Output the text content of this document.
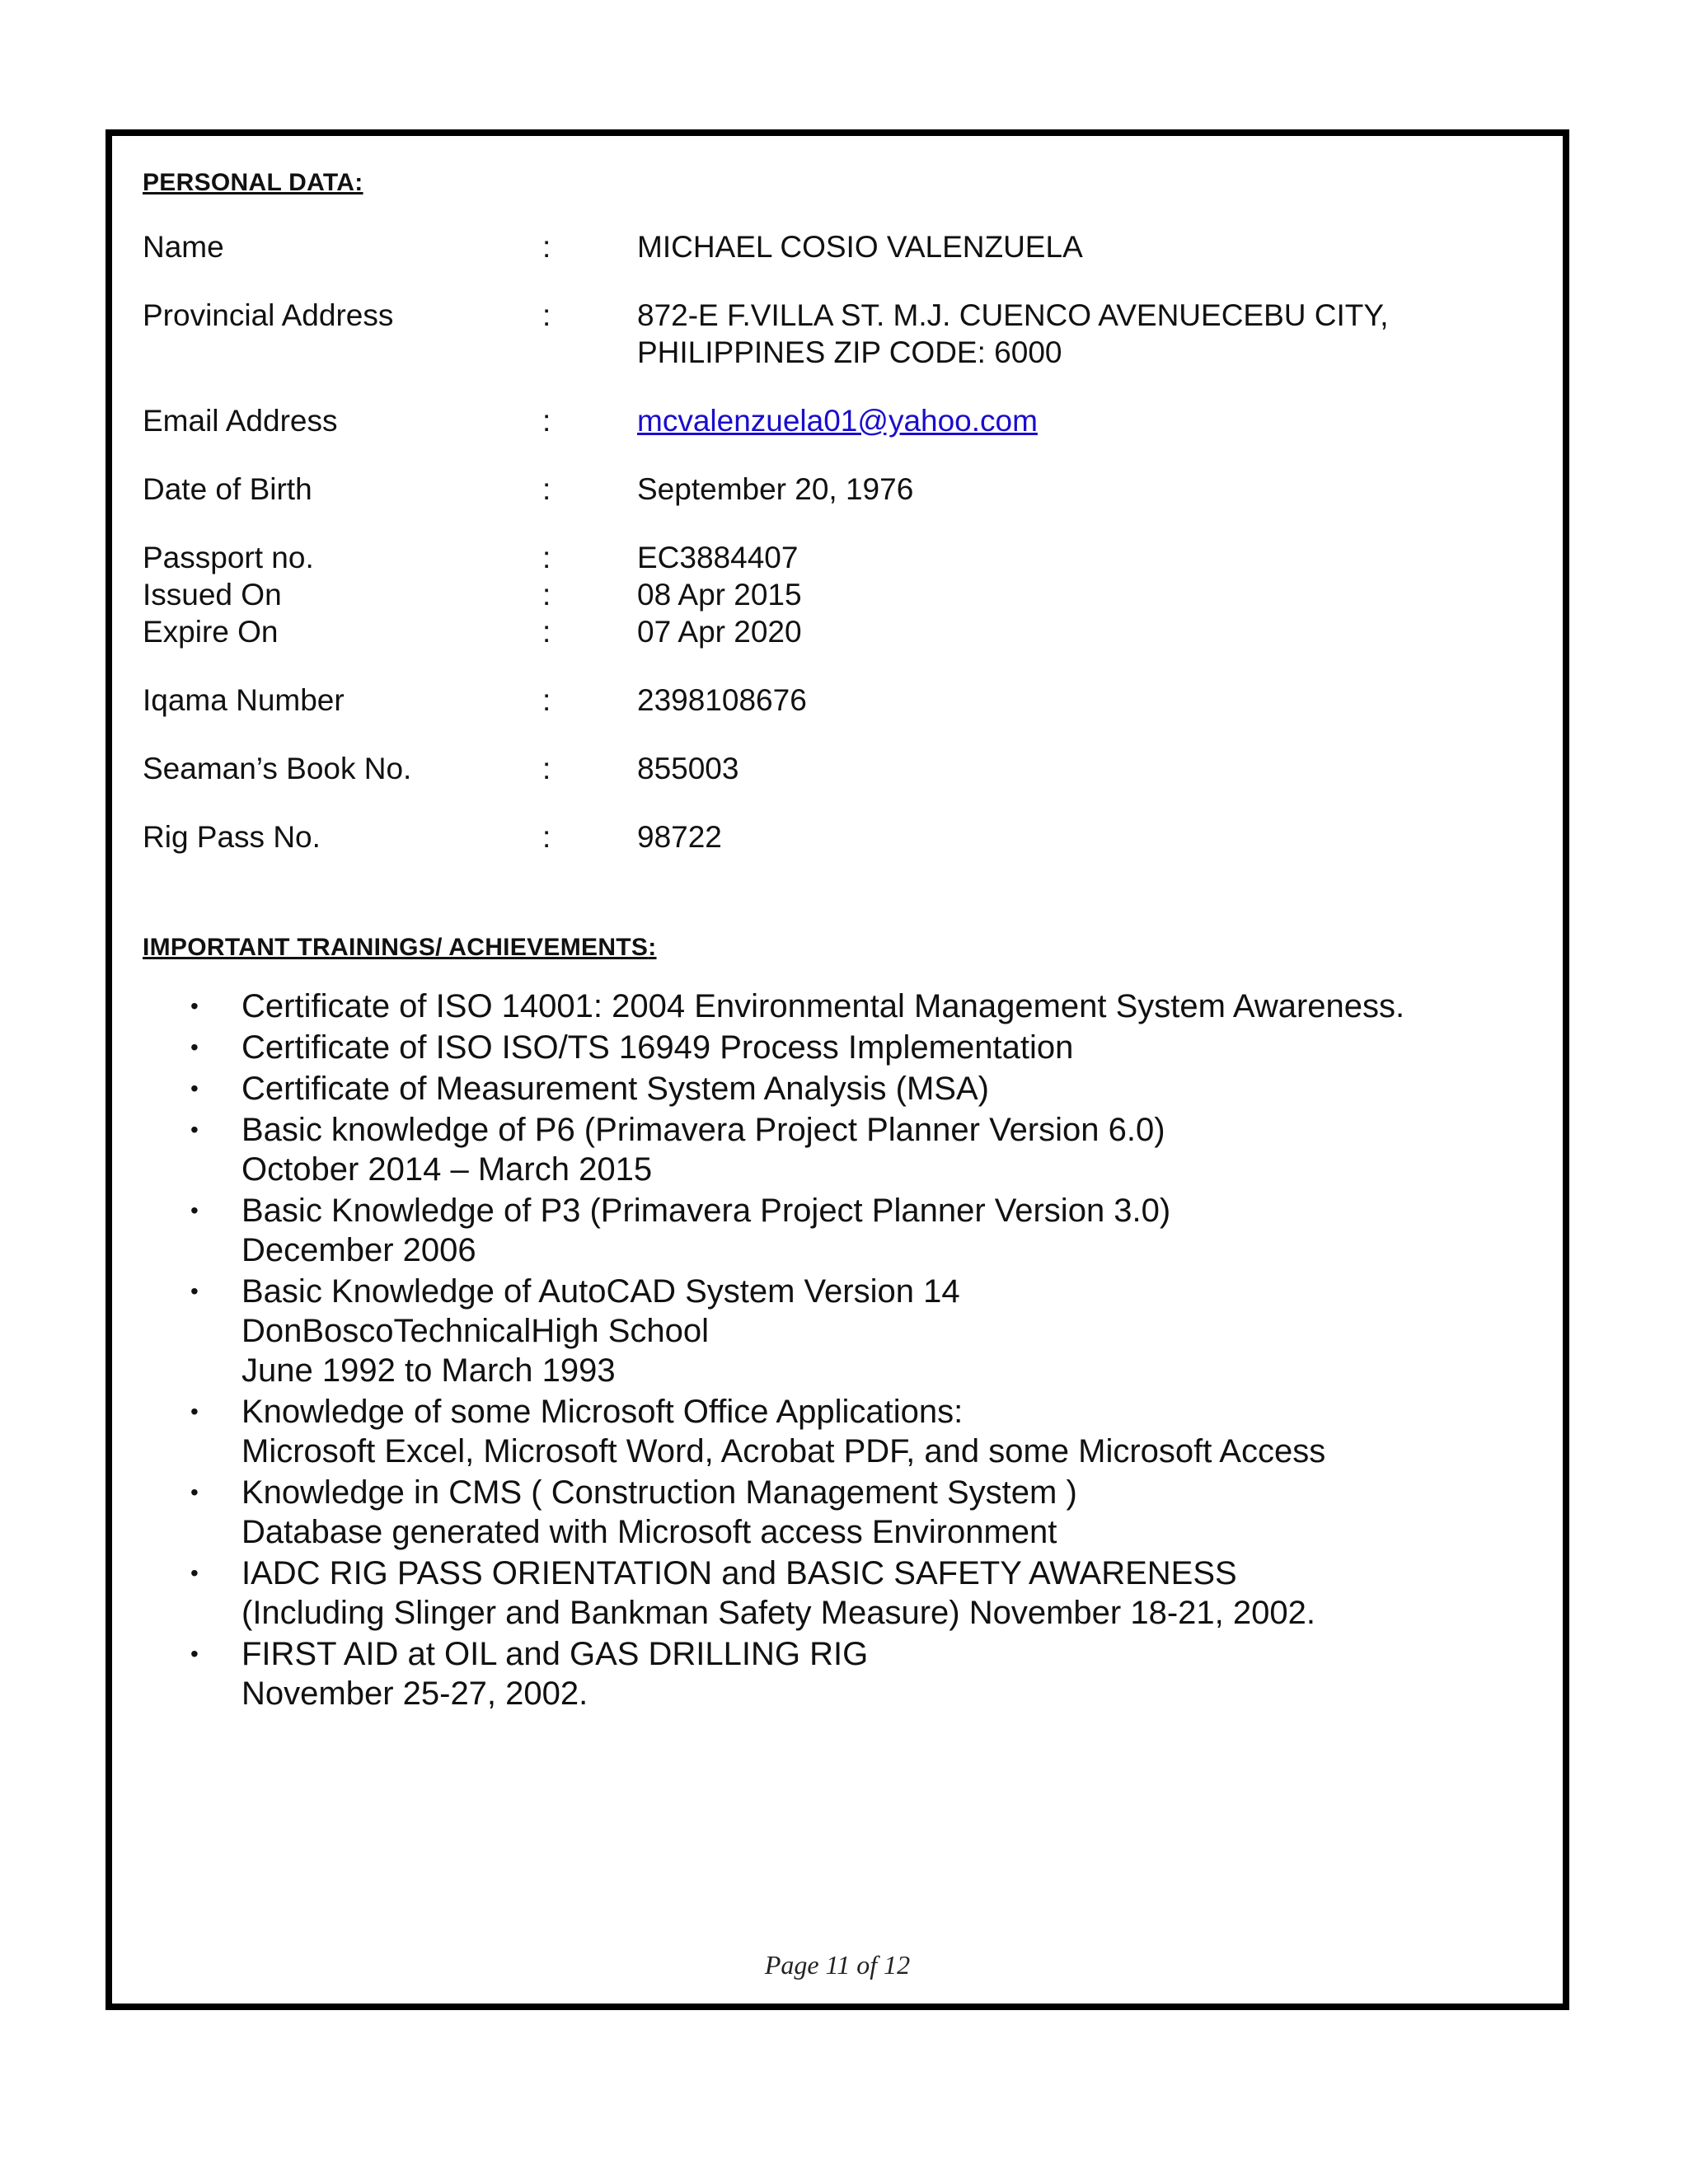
PERSONAL DATA:
Name	:	MICHAEL COSIO VALENZUELA
Provincial Address	:	872-E F.VILLA ST. M.J. CUENCO AVENUECEBU CITY,
PHILIPPINES ZIP CODE: 6000
Email Address	:	mcvalenzuela01@yahoo.com
Date of Birth	:	September 20, 1976
Passport no.	:	EC3884407
Issued On	:	08 Apr 2015
Expire On	:	07 Apr 2020
Iqama Number	:	2398108676
Seaman’s Book No.	:	855003
Rig Pass No.	:	98722
IMPORTANT TRAININGS/ ACHIEVEMENTS:
•	Certificate of ISO 14001: 2004 Environmental Management System Awareness.
•	Certificate of ISO ISO/TS 16949 Process Implementation
•	Certificate of Measurement System Analysis (MSA)
•	Basic knowledge of P6 (Primavera Project Planner Version 6.0)
October 2014 – March 2015
•	Basic Knowledge of P3 (Primavera Project Planner Version 3.0)
December 2006
•	Basic Knowledge of AutoCAD System Version 14
DonBoscoTechnicalHigh School
June 1992 to March 1993
•	Knowledge of some Microsoft Office Applications:
Microsoft Excel, Microsoft Word, Acrobat PDF, and some Microsoft Access
•	Knowledge in CMS ( Construction Management System )
Database generated with Microsoft access Environment
•	IADC RIG PASS ORIENTATION and BASIC SAFETY AWARENESS
(Including Slinger and Bankman Safety Measure) November 18-21, 2002.
•	FIRST AID at OIL and GAS DRILLING RIG
November 25-27, 2002.
Page 11 of 12
